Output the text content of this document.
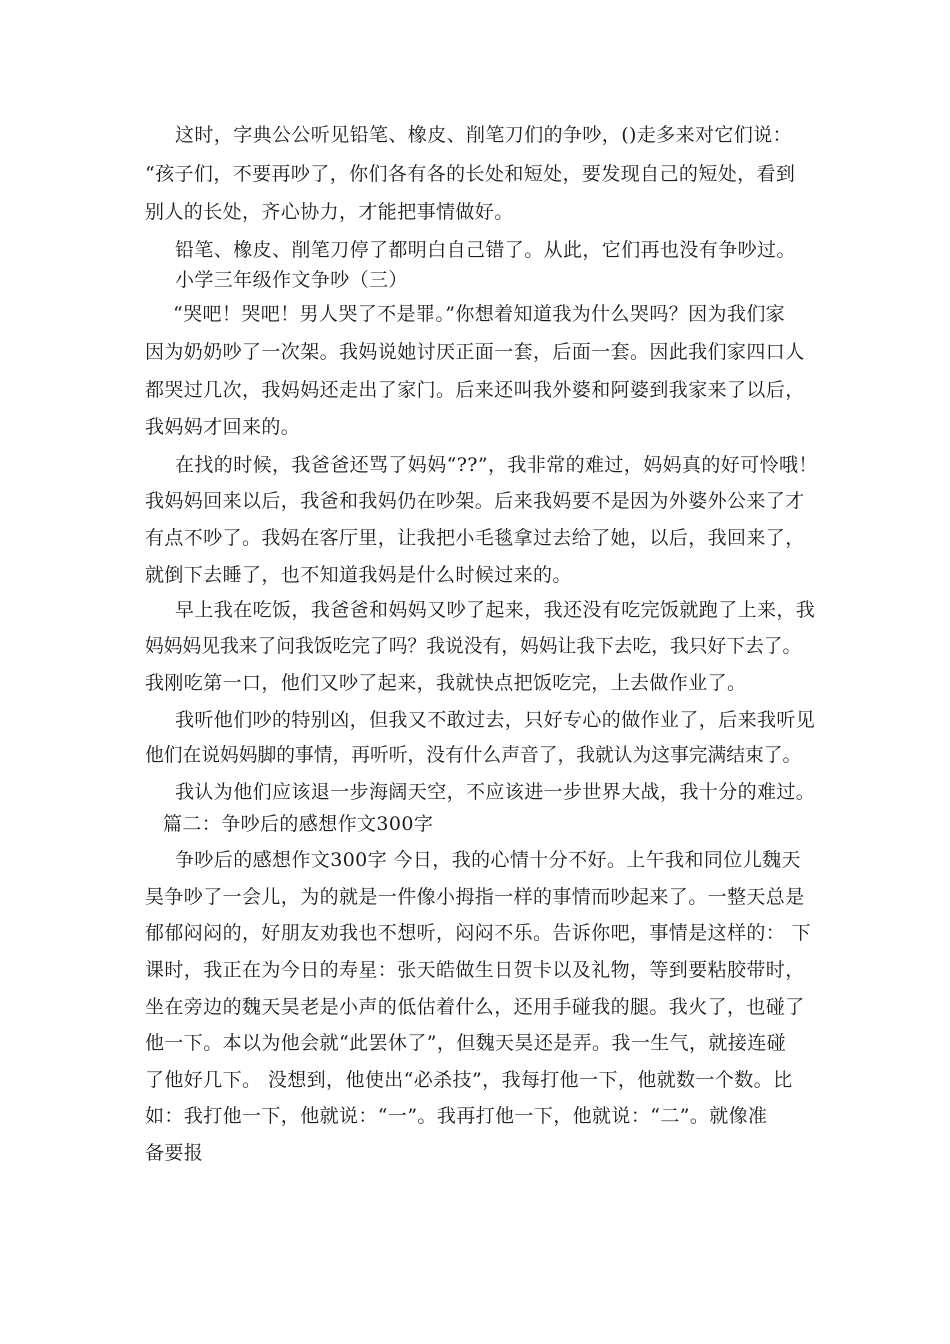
这时，字典公公听见铅笔、橡皮、削笔刀们的争吵，()走多来对它们说：
“孩子们，不要再吵了，你们各有各的长处和短处，要发现自己的短处，看到
别人的长处，齐心协力，才能把事情做好。
铅笔、橡皮、削笔刀停了都明白自己错了。从此，它们再也没有争吵过。
小学三年级作文争吵（三）
“哭吧！哭吧！男人哭了不是罪。”你想着知道我为什么哭吗？因为我们家
因为奶奶吵了一次架。我妈说她讨厌正面一套，后面一套。因此我们家四口人
都哭过几次，我妈妈还走出了家门。后来还叫我外婆和阿婆到我家来了以后，
我妈妈才回来的。
在找的时候，我爸爸还骂了妈妈“??”，我非常的难过，妈妈真的好可怜哦！
我妈妈回来以后，我爸和我妈仍在吵架。后来我妈要不是因为外婆外公来了才
有点不吵了。我妈在客厅里，让我把小毛毯拿过去给了她，以后，我回来了，
就倒下去睡了，也不知道我妈是什么时候过来的。
早上我在吃饭，我爸爸和妈妈又吵了起来，我还没有吃完饭就跑了上来，我
妈妈妈见我来了问我饭吃完了吗？我说没有，妈妈让我下去吃，我只好下去了。
我刚吃第一口，他们又吵了起来，我就快点把饭吃完，上去做作业了。
我听他们吵的特别凶，但我又不敢过去，只好专心的做作业了，后来我听见
他们在说妈妈脚的事情，再听听，没有什么声音了，我就认为这事完满结束了。
我认为他们应该退一步海阔天空，不应该进一步世界大战，我十分的难过。
篇二：争吵后的感想作文300字
争吵后的感想作文300字 今日，我的心情十分不好。上午我和同位儿魏天
昊争吵了一会儿，为的就是一件像小拇指一样的事情而吵起来了。一整天总是
郁郁闷闷的，好朋友劝我也不想听，闷闷不乐。告诉你吧，事情是这样的： 下
课时，我正在为今日的寿星：张天皓做生日贺卡以及礼物，等到要粘胶带时，
坐在旁边的魏天昊老是小声的低估着什么，还用手碰我的腿。我火了，也碰了
他一下。本以为他会就“此罢休了”，但魏天昊还是弄。我一生气，就接连碰
了他好几下。 没想到，他使出“必杀技”，我每打他一下，他就数一个数。比
如：我打他一下，他就说：“一”。我再打他一下，他就说：“二”。就像准
备要报
